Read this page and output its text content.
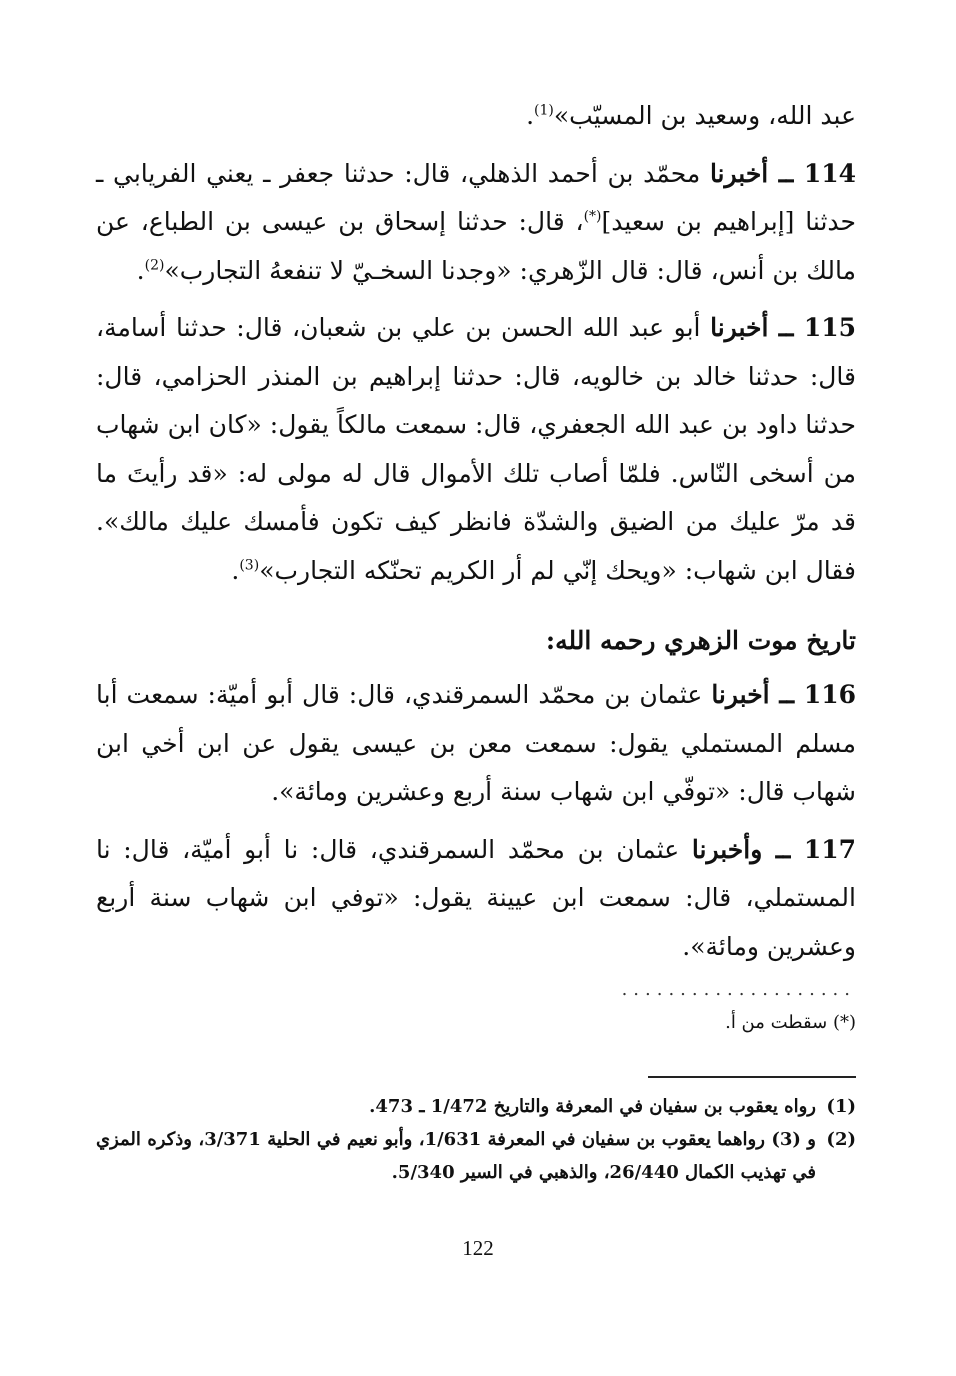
عبد الله، وسعيد بن المسيّب»$^{(1)}$.

114 ــ أخبرنا محمّد بن أحمد الذهلي، قال: حدثنا جعفر ـ يعني الفريابي ـ حدثنا [إبراهيم بن سعيد](*)، قال: حدثنا إسحاق بن عيسى بن الطباع، عن مالك بن أنس، قال: قال الزّهري: «وجدنا السخـيّ لا تنفعهُ التجارب»$^{(2)}$.

115 ــ أخبرنا أبو عبد الله الحسن بن علي بن شعبان، قال: حدثنا أسامة، قال: حدثنا خالد بن خالويه، قال: حدثنا إبراهيم بن المنذر الحزامي، قال: حدثنا داود بن عبد الله الجعفري، قال: سمعت مالكاً يقول: «كان ابن شهاب من أسخى النّاس. فلمّا أصاب تلك الأموال قال له مولى له: «قد رأيتَ ما قد مرّ عليك من الضيق والشدّة فانظر كيف تكون فأمسك عليك مالك». فقال ابن شهاب: «ويحك إنّي لم أر الكريم تحنّكه التجارب»$^{(3)}$.

تاريخ موت الزهري رحمه الله:

116 ــ أخبرنا عثمان بن محمّد السمرقندي، قال: قال أبو أميّة: سمعت أبا مسلم المستملي يقول: سمعت معن بن عيسى يقول عن ابن أخي ابن شهاب قال: «توفّي ابن شهاب سنة أربع وعشرين ومائة».

117 ــ وأخبرنا عثمان بن محمّد السمرقندي، قال: نا أبو أميّة، قال: نا المستملي، قال: سمعت ابن عيينة يقول: «توفي ابن شهاب سنة أربع وعشرين ومائة».

....................
(*) سقطت من أ.
(1)
رواه يعقوب بن سفيان في المعرفة والتاريخ 1/472 ـ 473.
(2)
و (3) رواهما يعقوب بن سفيان في المعرفة 1/631، وأبو نعيم في الحلية 3/371، وذكره المزي في تهذيب الكمال 26/440، والذهبي في السير 5/340.
122
